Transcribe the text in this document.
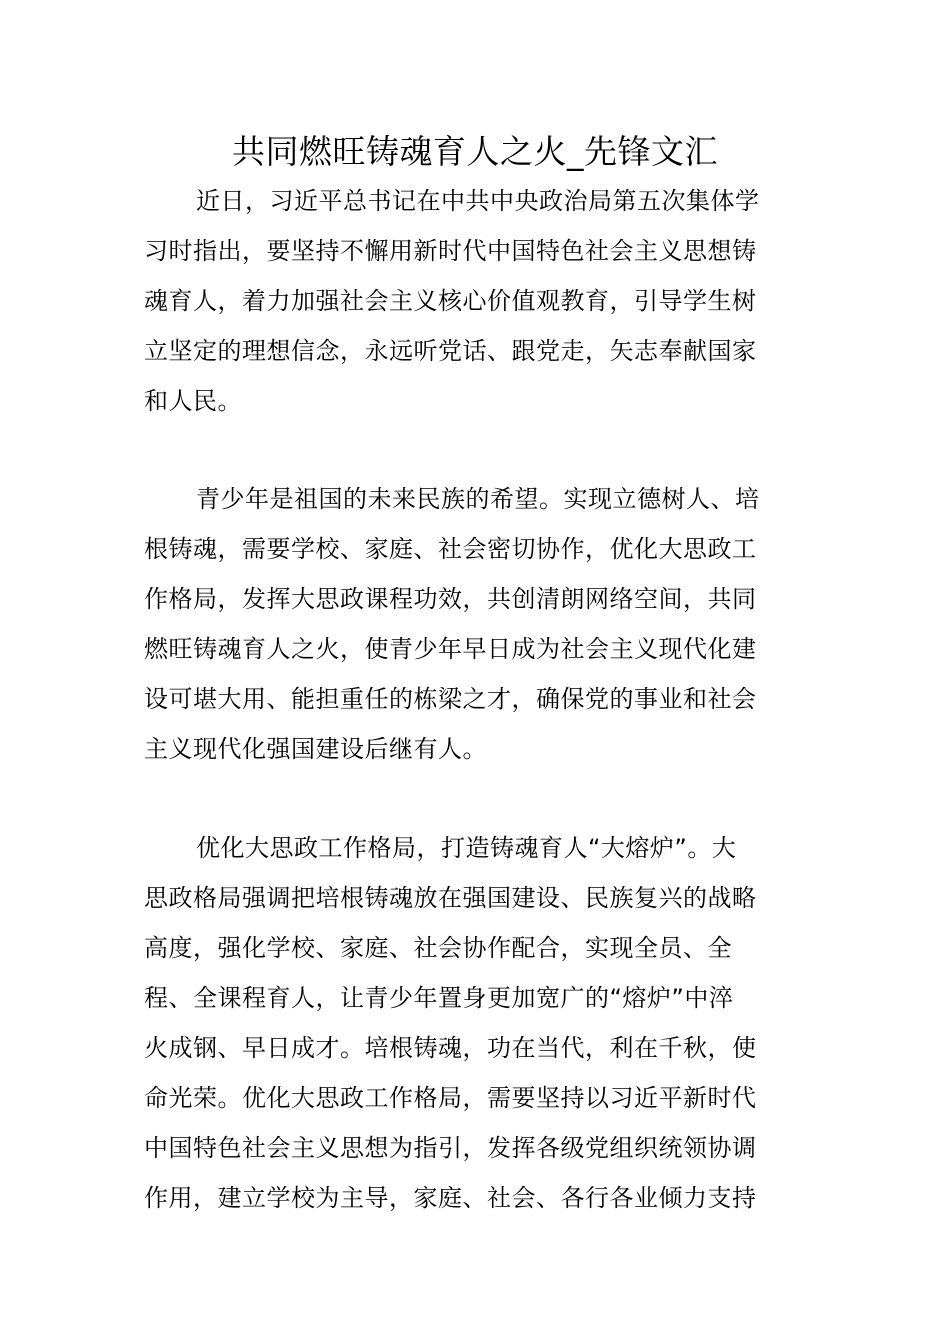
共同燃旺铸魂育人之火_先锋文汇
近日，习近平总书记在中共中央政治局第五次集体学
习时指出，要坚持不懈用新时代中国特色社会主义思想铸
魂育人，着力加强社会主义核心价值观教育，引导学生树
立坚定的理想信念，永远听党话、跟党走，矢志奉献国家
和人民。
青少年是祖国的未来民族的希望。实现立德树人、培
根铸魂，需要学校、家庭、社会密切协作，优化大思政工
作格局，发挥大思政课程功效，共创清朗网络空间，共同
燃旺铸魂育人之火，使青少年早日成为社会主义现代化建
设可堪大用、能担重任的栋梁之才，确保党的事业和社会
主义现代化强国建设后继有人。
优化大思政工作格局，打造铸魂育人“大熔炉”。大
思政格局强调把培根铸魂放在强国建设、民族复兴的战略
高度，强化学校、家庭、社会协作配合，实现全员、全
程、全课程育人，让青少年置身更加宽广的“熔炉”中淬
火成钢、早日成才。培根铸魂，功在当代，利在千秋，使
命光荣。优化大思政工作格局，需要坚持以习近平新时代
中国特色社会主义思想为指引，发挥各级党组织统领协调
作用，建立学校为主导，家庭、社会、各行各业倾力支持
